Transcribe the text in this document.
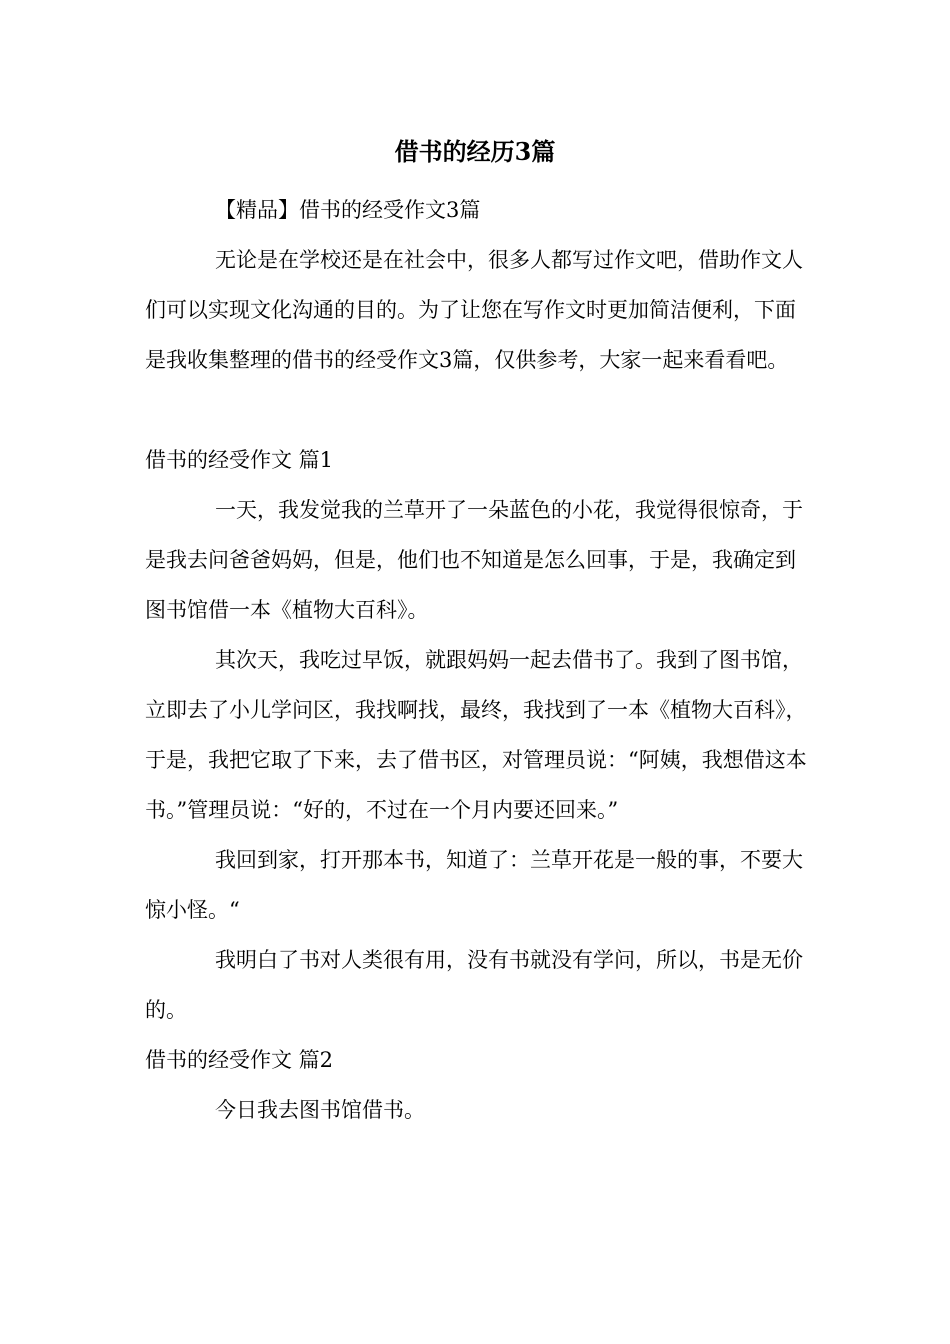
借书的经历3篇

【精品】借书的经受作文3篇

无论是在学校还是在社会中，很多人都写过作文吧，借助作文人们可以实现文化沟通的目的。为了让您在写作文时更加简洁便利，下面是我收集整理的借书的经受作文3篇，仅供参考，大家一起来看看吧。

借书的经受作文 篇1

一天，我发觉我的兰草开了一朵蓝色的小花，我觉得很惊奇，于是我去问爸爸妈妈，但是，他们也不知道是怎么回事，于是，我确定到图书馆借一本《植物大百科》。

其次天，我吃过早饭，就跟妈妈一起去借书了。我到了图书馆，立即去了小儿学问区，我找啊找，最终，我找到了一本《植物大百科》，于是，我把它取了下来，去了借书区，对管理员说：“阿姨，我想借这本书。”管理员说：“好的，不过在一个月内要还回来。”

我回到家，打开那本书，知道了：兰草开花是一般的事，不要大惊小怪。“

我明白了书对人类很有用，没有书就没有学问，所以，书是无价的。

借书的经受作文 篇2

今日我去图书馆借书。
